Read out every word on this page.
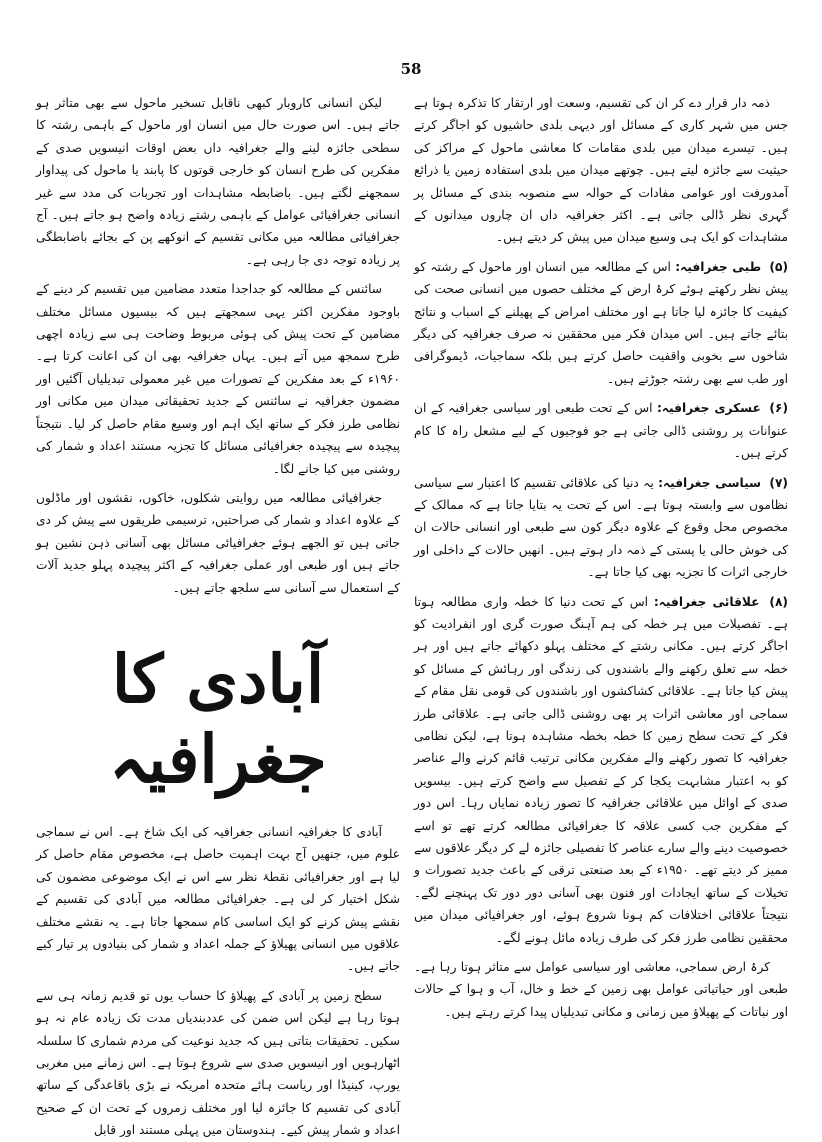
58

ذمہ دار قرار دے کر ان کی تقسیم، وسعت اور ارتقار کا تذکرہ ہوتا ہے جس میں شہر کاری کے مسائل اور دیہی بلدی حاشیوں کو اجاگر کرتے ہیں۔ تیسرے میدان میں بلدی مقامات کا معاشی ماحول کے مراکز کی حیثیت سے جائزہ لیتے ہیں۔ چوتھے میدان میں بلدی استفادہ زمین یا ذرائع آمدورفت اور عوامی مفادات کے حوالہ سے منصوبہ بندی کے مسائل پر گہری نظر ڈالی جاتی ہے۔ اکثر جغرافیہ داں ان چاروں میدانوں کے مشاہدات کو ایک ہی وسیع میدان میں پیش کر دیتے ہیں۔

(۵) طبی جغرافیہ: اس کے مطالعہ میں انسان اور ماحول کے رشتہ کو پیش نظر رکھتے ہوئے کرۂ ارض کے مختلف حصوں میں انسانی صحت کی کیفیت کا جائزہ لیا جاتا ہے اور مختلف امراض کے پھیلنے کے اسباب و نتائج بتائے جاتے ہیں۔ اس میدان فکر میں محققین نہ صرف جغرافیہ کی دیگر شاخوں سے بخوبی واقفیت حاصل کرتے ہیں بلکہ سماجیات، ڈیموگرافی اور طب سے بھی رشتہ جوڑتے ہیں۔

(۶) عسکری جغرافیہ: اس کے تحت طبعی اور سیاسی جغرافیہ کے ان عنوانات پر روشنی ڈالی جاتی ہے جو فوجیوں کے لیے مشعل راہ کا کام کرتے ہیں۔

(۷) سیاسی جغرافیہ: یہ دنیا کی علاقائی تقسیم کا اعتبار سے سیاسی نظاموں سے وابستہ ہوتا ہے۔ اس کے تحت یہ بتایا جاتا ہے کہ ممالک کے مخصوص محل وقوع کے علاوہ دیگر کون سے طبعی اور انسانی حالات ان کی خوش حالی یا پستی کے ذمہ دار ہوتے ہیں۔ انھیں حالات کے داخلی اور خارجی اثرات کا تجزیہ بھی کیا جاتا ہے۔

(۸) علاقائی جغرافیہ: اس کے تحت دنیا کا خطہ واری مطالعہ ہوتا ہے۔ تفصیلات میں ہر خطہ کی ہم آہنگ صورت گری اور انفرادیت کو اجاگر کرتے ہیں۔ مکانی رشتے کے مختلف پہلو دکھائے جاتے ہیں اور ہر خطہ سے تعلق رکھنے والے باشندوں کی زندگی اور رہائش کے مسائل کو پیش کیا جاتا ہے۔ علاقائی کشاکشوں اور باشندوں کی قومی نقل مقام کے سماجی اور معاشی اثرات پر بھی روشنی ڈالی جاتی ہے۔ علاقائی طرز فکر کے تحت سطح زمین کا خطہ بخطہ مشاہدہ ہوتا ہے، لیکن نظامی جغرافیہ کا تصور رکھنے والے مفکرین مکانی ترتیب قائم کرنے والے عناصر کو بہ اعتبار مشابہت یکجا کر کے تفصیل سے واضح کرتے ہیں۔ بیسویں صدی کے اوائل میں علاقائی جغرافیہ کا تصور زیادہ نمایاں رہا۔ اس دور کے مفکرین جب کسی علاقہ کا جغرافیائی مطالعہ کرتے تھے تو اسے خصوصیت دینے والے سارے عناصر کا تفصیلی جائزہ لے کر دیگر علاقوں سے ممیز کر دیتے تھے۔ ۱۹۵۰ء کے بعد صنعتی ترقی کے باعث جدید تصورات و تخیلات کے ساتھ ایجادات اور فنون بھی آسانی دور دور تک پہنچنے لگے۔ نتیجتاً علاقائی اختلافات کم ہونا شروع ہوئے، اور جغرافیائی میدان میں محققین نظامی طرز فکر کی طرف زیادہ مائل ہونے لگے۔

کرۂ ارض سماجی، معاشی اور سیاسی عوامل سے متاثر ہوتا رہا ہے۔ طبعی اور حیاتیاتی عوامل بھی زمین کے خط و خال، آب و ہوا کے حالات اور نباتات کے پھیلاؤ میں زمانی و مکانی تبدیلیاں پیدا کرتے رہتے ہیں۔

لیکن انسانی کاروبار کبھی ناقابل تسخیر ماحول سے بھی متاثر ہو جاتے ہیں۔ اس صورت حال میں انسان اور ماحول کے باہمی رشتہ کا سطحی جائزہ لینے والے جغرافیہ داں بعض اوقات انیسویں صدی کے مفکرین کی طرح انسان کو خارجی قوتوں کا پابند یا ماحول کی پیداوار سمجھنے لگتے ہیں۔ باضابطہ مشاہدات اور تجربات کی مدد سے غیر انسانی جغرافیائی عوامل کے باہمی رشتے زیادہ واضح ہو جاتے ہیں۔ آج جغرافیائی مطالعہ میں مکانی تقسیم کے انوکھے پن کے بجائے باضابطگی پر زیادہ توجہ دی جا رہی ہے۔

سائنس کے مطالعہ کو جداجدا متعدد مضامین میں تقسیم کر دینے کے باوجود مفکرین اکثر یہی سمجھتے ہیں کہ بیسیوں مسائل مختلف مضامین کے تحت پیش کی ہوئی مربوط وضاحت ہی سے زیادہ اچھی طرح سمجھ میں آتے ہیں۔ یہاں جغرافیہ بھی ان کی اعانت کرتا ہے۔ ۱۹۶۰ء کے بعد مفکرین کے تصورات میں غیر معمولی تبدیلیاں آگئیں اور مضمون جغرافیہ نے سائنس کے جدید تحقیقاتی میدان میں مکانی اور نظامی طرز فکر کے ساتھ ایک اہم اور وسیع مقام حاصل کر لیا۔ نتیجتاً پیچیدہ سے پیچیدہ جغرافیائی مسائل کا تجزیہ مستند اعداد و شمار کی روشنی میں کیا جانے لگا۔

جغرافیائی مطالعہ میں روایتی شکلوں، خاکوں، نقشوں اور ماڈلوں کے علاوہ اعداد و شمار کی صراحتیں، ترسیمی طریقوں سے پیش کر دی جاتی ہیں تو الجھے ہوئے جغرافیائی مسائل بھی آسانی ذہن نشین ہو جاتے ہیں اور طبعی اور عملی جغرافیہ کے اکثر پیچیدہ پہلو جدید آلات کے استعمال سے آسانی سے سلجھ جاتے ہیں۔

آبادی کا جغرافیہ

آبادی کا جغرافیہ انسانی جغرافیہ کی ایک شاخ ہے۔ اس نے سماجی علوم میں، جنھیں آج بہت اہمیت حاصل ہے، مخصوص مقام حاصل کر لیا ہے اور جغرافیائی نقطۂ نظر سے اس نے ایک موضوعی مضمون کی شکل اختیار کر لی ہے۔ جغرافیائی مطالعہ میں آبادی کی تقسیم کے نقشے پیش کرنے کو ایک اساسی کام سمجھا جاتا ہے۔ یہ نقشے مختلف علاقوں میں انسانی پھیلاؤ کے جملہ اعداد و شمار کی بنیادوں پر تیار کیے جاتے ہیں۔

سطح زمین پر آبادی کے پھیلاؤ کا حساب یوں تو قدیم زمانہ ہی سے ہوتا رہا ہے لیکن اس ضمن کی عددبندیاں مدت تک زیادہ عام نہ ہو سکیں۔ تحقیقات بتاتی ہیں کہ جدید نوعیت کی مردم شماری کا سلسلہ اٹھارہویں اور انیسویں صدی سے شروع ہوتا ہے۔ اس زمانے میں مغربی یورپ، کینیڈا اور ریاست ہائے متحدہ امریکہ نے بڑی باقاعدگی کے ساتھ آبادی کی تقسیم کا جائزہ لیا اور مختلف زمروں کے تحت ان کے صحیح اعداد و شمار پیش کیے۔ ہندوستان میں پہلی مستند اور قابل
